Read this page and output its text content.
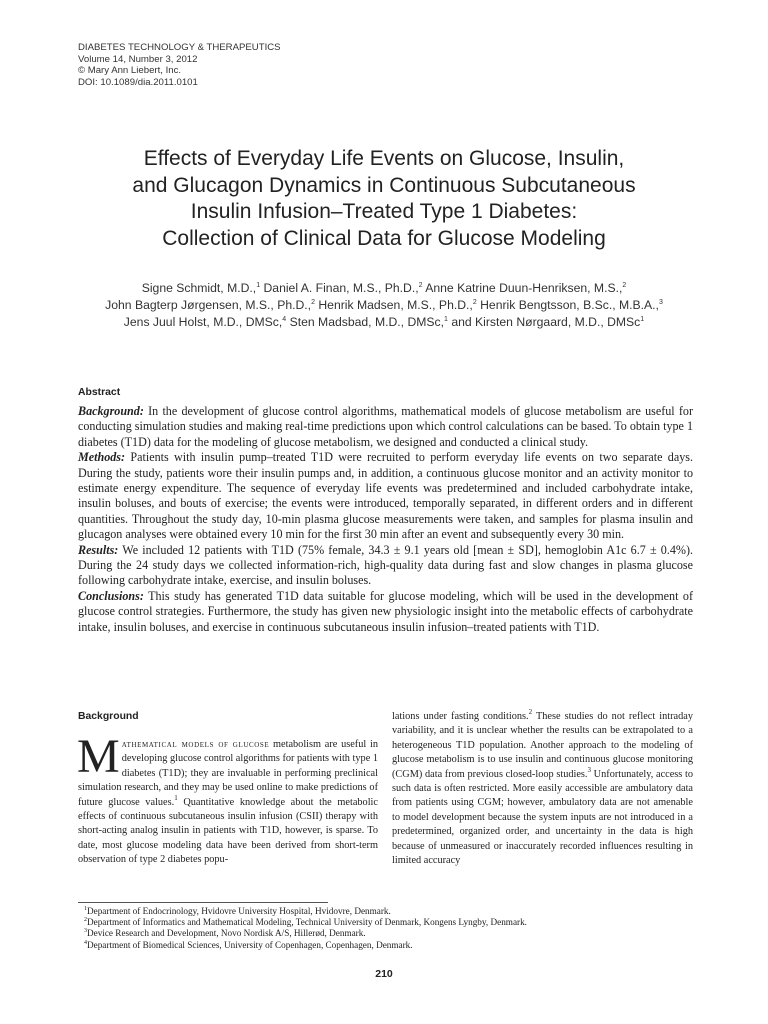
DIABETES TECHNOLOGY & THERAPEUTICS
Volume 14, Number 3, 2012
© Mary Ann Liebert, Inc.
DOI: 10.1089/dia.2011.0101
Effects of Everyday Life Events on Glucose, Insulin,
and Glucagon Dynamics in Continuous Subcutaneous
Insulin Infusion–Treated Type 1 Diabetes:
Collection of Clinical Data for Glucose Modeling
Signe Schmidt, M.D.,$^1$ Daniel A. Finan, M.S., Ph.D.,$^2$ Anne Katrine Duun-Henriksen, M.S.,$^2$
John Bagterp Jørgensen, M.S., Ph.D.,$^2$ Henrik Madsen, M.S., Ph.D.,$^2$ Henrik Bengtsson, B.Sc., M.B.A.,$^3$
Jens Juul Holst, M.D., DMSc,$^4$ Sten Madsbad, M.D., DMSc,$^1$ and Kirsten Nørgaard, M.D., DMSc$^1$
Abstract

Background: In the development of glucose control algorithms, mathematical models of glucose metabolism are useful for conducting simulation studies and making real-time predictions upon which control calculations can be based. To obtain type 1 diabetes (T1D) data for the modeling of glucose metabolism, we designed and conducted a clinical study.

Methods: Patients with insulin pump–treated T1D were recruited to perform everyday life events on two separate days. During the study, patients wore their insulin pumps and, in addition, a continuous glucose monitor and an activity monitor to estimate energy expenditure. The sequence of everyday life events was predetermined and included carbohydrate intake, insulin boluses, and bouts of exercise; the events were introduced, temporally separated, in different orders and in different quantities. Throughout the study day, 10-min plasma glucose measurements were taken, and samples for plasma insulin and glucagon analyses were obtained every 10 min for the first 30 min after an event and subsequently every 30 min.

Results: We included 12 patients with T1D (75% female, 34.3 ± 9.1 years old [mean ± SD], hemoglobin A1c 6.7 ± 0.4%). During the 24 study days we collected information-rich, high-quality data during fast and slow changes in plasma glucose following carbohydrate intake, exercise, and insulin boluses.

Conclusions: This study has generated T1D data suitable for glucose modeling, which will be used in the development of glucose control strategies. Furthermore, the study has given new physiologic insight into the metabolic effects of carbohydrate intake, insulin boluses, and exercise in continuous subcutaneous insulin infusion–treated patients with T1D.

Background

Mathematical models of glucose metabolism are useful in developing glucose control algorithms for patients with type 1 diabetes (T1D); they are invaluable in performing preclinical simulation research, and they may be used online to make predictions of future glucose values.$^1$ Quantitative knowledge about the metabolic effects of continuous subcutaneous insulin infusion (CSII) therapy with short-acting analog insulin in patients with T1D, however, is sparse. To date, most glucose modeling data have been derived from short-term observation of type 2 diabetes popu-

lations under fasting conditions.$^2$ These studies do not reflect intraday variability, and it is unclear whether the results can be extrapolated to a heterogeneous T1D population. Another approach to the modeling of glucose metabolism is to use insulin and continuous glucose monitoring (CGM) data from previous closed-loop studies.$^3$ Unfortunately, access to such data is often restricted. More easily accessible are ambulatory data from patients using CGM; however, ambulatory data are not amenable to model development because the system inputs are not introduced in a predetermined, organized order, and uncertainty in the data is high because of unmeasured or inaccurately recorded influences resulting in limited accuracy

$^1$Department of Endocrinology, Hvidovre University Hospital, Hvidovre, Denmark.
$^2$Department of Informatics and Mathematical Modeling, Technical University of Denmark, Kongens Lyngby, Denmark.
$^3$Device Research and Development, Novo Nordisk A/S, Hillerød, Denmark.
$^4$Department of Biomedical Sciences, University of Copenhagen, Copenhagen, Denmark.
210
